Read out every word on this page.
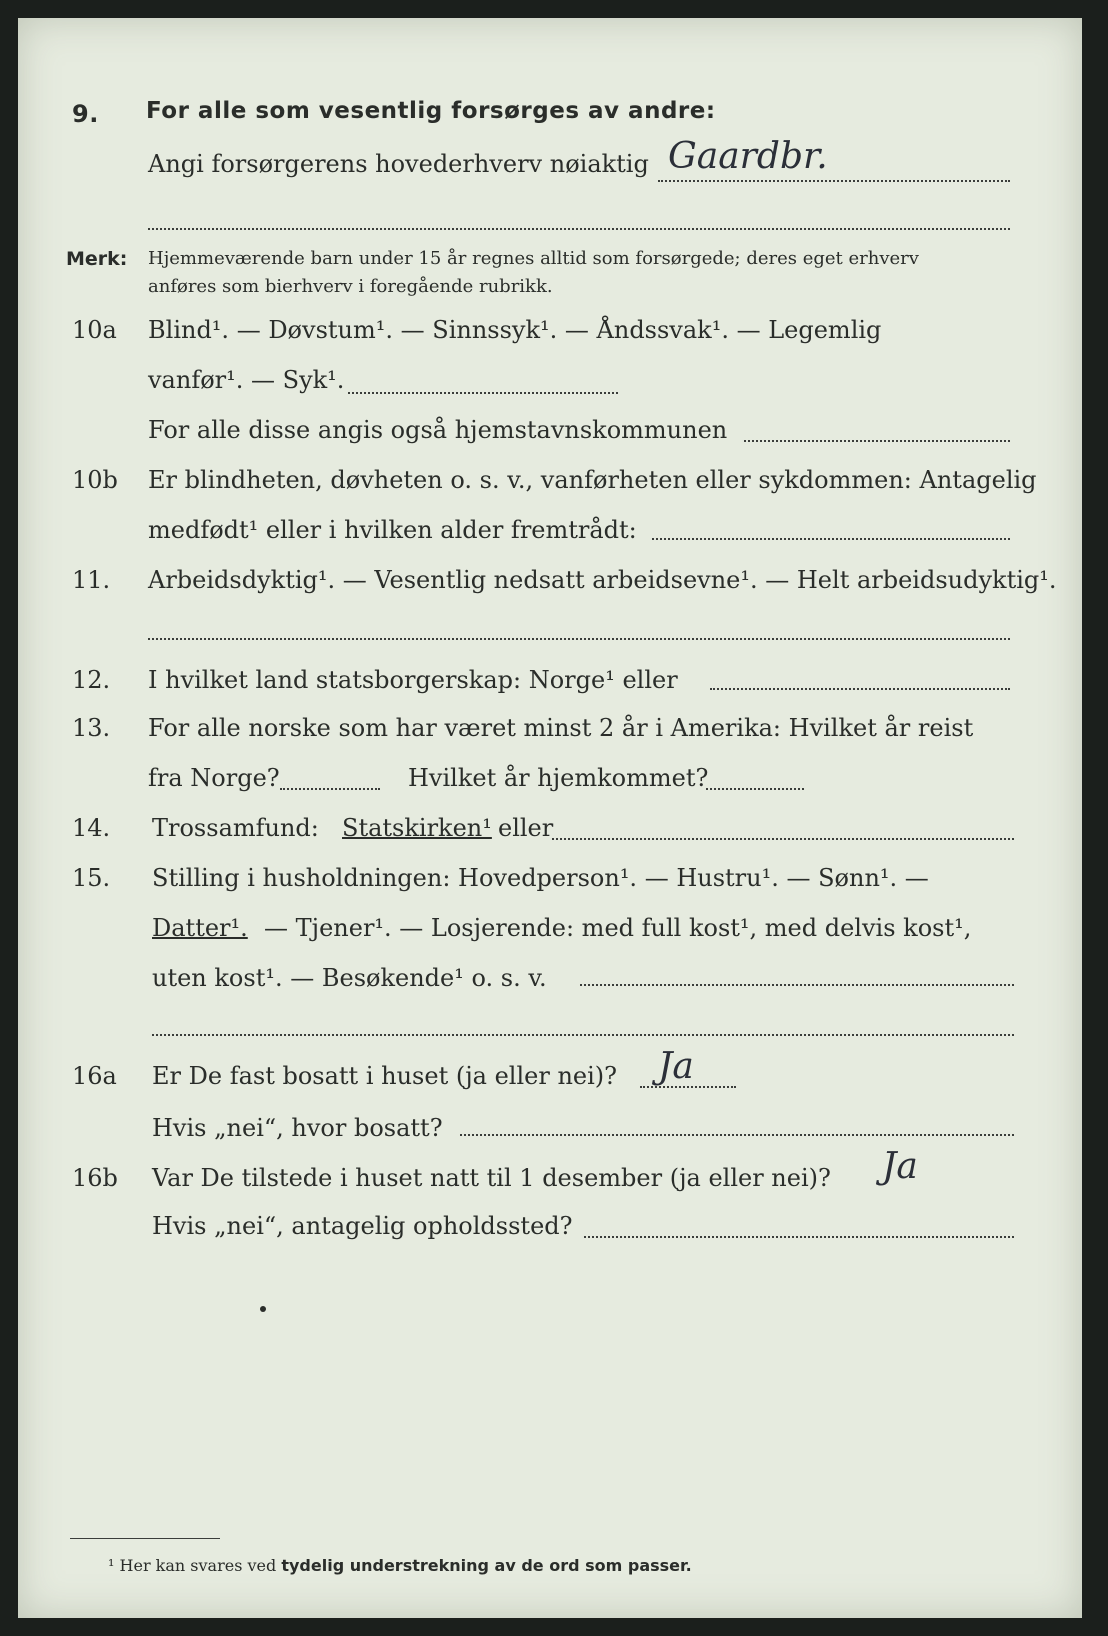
9. For alle som vesentlig forsørges av andre:
Angi forsørgerens hovederhverv nøiaktig Gaardbr.
Merk: Hjemmeværende barn under 15 år regnes alltid som forsørgede; deres eget erhverv
anføres som bierhverv i foregående rubrikk.
10a Blind¹. — Døvstum¹. — Sinnssyk¹. — Åndssvak¹. — Legemlig
vanfør¹. — Syk¹.
For alle disse angis også hjemstavnskommunen
10b Er blindheten, døvheten o. s. v., vanførheten eller sykdommen: Antagelig
medfødt¹ eller i hvilken alder fremtrådt:
11. Arbeidsdyktig¹. — Vesentlig nedsatt arbeidsevne¹. — Helt arbeidsudyktig¹.
12. I hvilket land statsborgerskap: Norge¹ eller
13. For alle norske som har været minst 2 år i Amerika: Hvilket år reist
fra Norge?	Hvilket år hjemkommet?
14. Trossamfund: Statskirken¹ eller
15. Stilling i husholdningen: Hovedperson¹. — Hustru¹. — Sønn¹. —
Datter¹. — Tjener¹. — Losjerende: med full kost¹, med delvis kost¹,
uten kost¹. — Besøkende¹ o. s. v.
16a Er De fast bosatt i huset (ja eller nei)? Ja
Hvis „nei“, hvor bosatt?
16b Var De tilstede i huset natt til 1 desember (ja eller nei)? Ja
Hvis „nei“, antagelig opholdssted?
¹ Her kan svares ved tydelig understrekning av de ord som passer.
